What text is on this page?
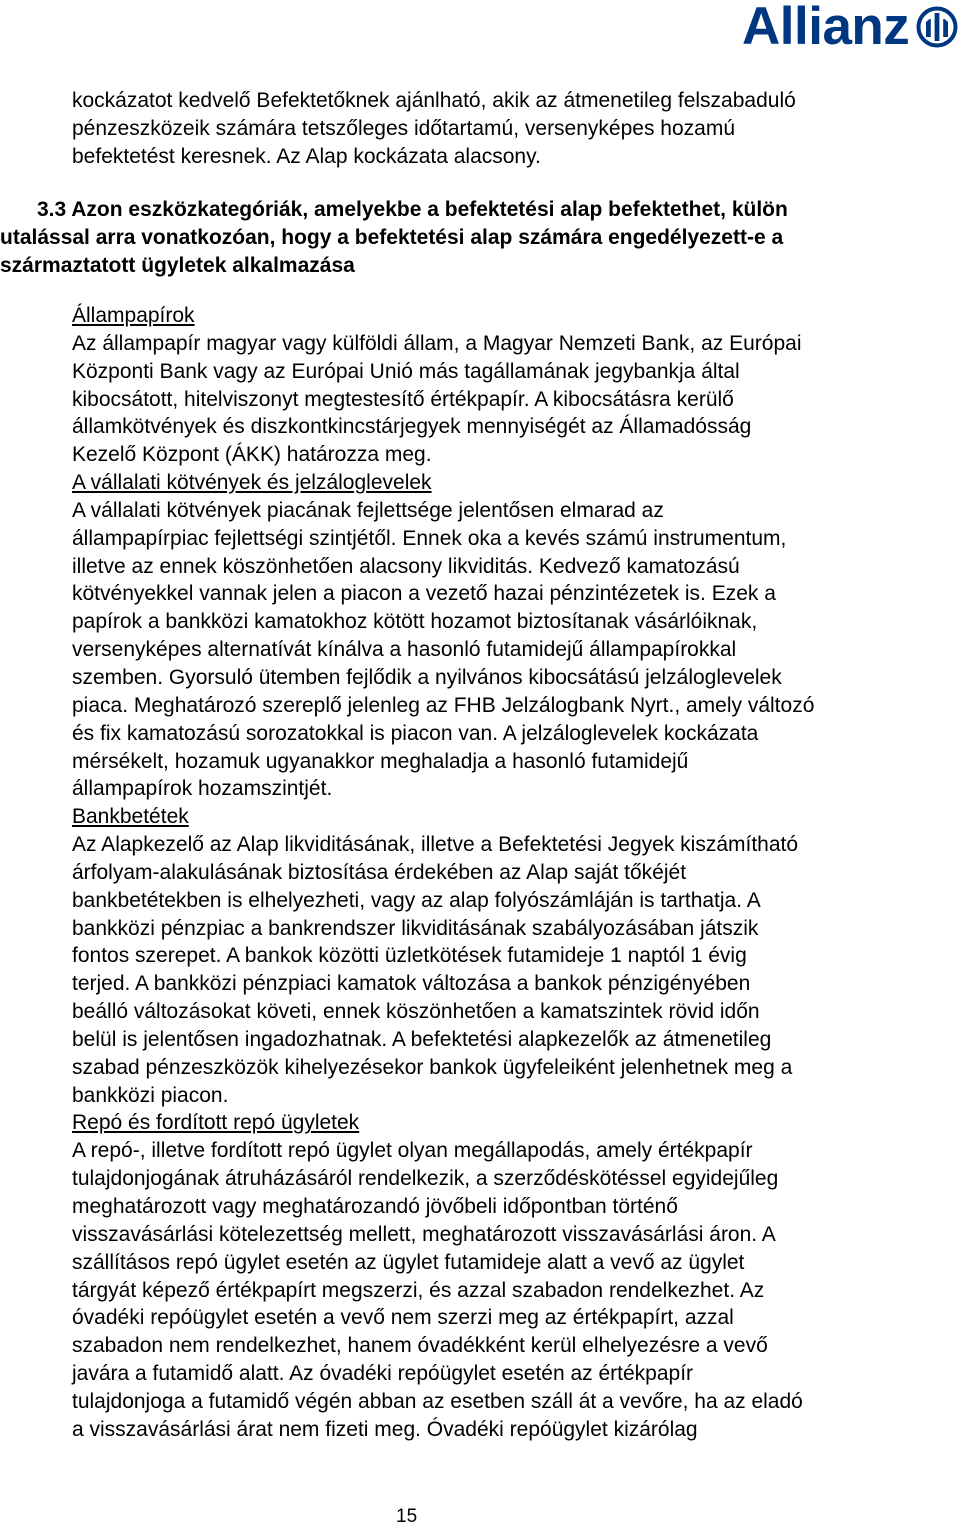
Allianz
kockázatot kedvelő Befektetőknek ajánlható, akik az átmenetileg felszabaduló
pénzeszközeik számára tetszőleges időtartamú, versenyképes hozamú
befektetést keresnek. Az Alap kockázata alacsony.
3.3 Azon eszközkategóriák, amelyekbe a befektetési alap befektethet, külön
utalással arra vonatkozóan, hogy a befektetési alap számára engedélyezett-e a
származtatott ügyletek alkalmazása
Állampapírok
Az állampapír magyar vagy külföldi állam, a Magyar Nemzeti Bank, az Európai
Központi Bank vagy az Európai Unió más tagállamának jegybankja által
kibocsátott, hitelviszonyt megtestesítő értékpapír. A kibocsátásra kerülő
államkötvények és diszkontkincstárjegyek mennyiségét az Államadósság
Kezelő Központ (ÁKK) határozza meg.
A vállalati kötvények és jelzáloglevelek
A vállalati kötvények piacának fejlettsége jelentősen elmarad az
állampapírpiac fejlettségi szintjétől. Ennek oka a kevés számú instrumentum,
illetve az ennek köszönhetően alacsony likviditás. Kedvező kamatozású
kötvényekkel vannak jelen a piacon a vezető hazai pénzintézetek is. Ezek a
papírok a bankközi kamatokhoz kötött hozamot biztosítanak vásárlóiknak,
versenyképes alternatívát kínálva a hasonló futamidejű állampapírokkal
szemben. Gyorsuló ütemben fejlődik a nyilvános kibocsátású jelzáloglevelek
piaca. Meghatározó szereplő jelenleg az FHB Jelzálogbank Nyrt., amely változó
és fix kamatozású sorozatokkal is piacon van. A jelzáloglevelek kockázata
mérsékelt, hozamuk ugyanakkor meghaladja a hasonló futamidejű
állampapírok hozamszintjét.
Bankbetétek
Az Alapkezelő az Alap likviditásának, illetve a Befektetési Jegyek kiszámítható
árfolyam-alakulásának biztosítása érdekében az Alap saját tőkéjét
bankbetétekben is elhelyezheti, vagy az alap folyószámláján is tarthatja. A
bankközi pénzpiac a bankrendszer likviditásának szabályozásában játszik
fontos szerepet. A bankok közötti üzletkötések futamideje 1 naptól 1 évig
terjed. A bankközi pénzpiaci kamatok változása a bankok pénzigényében
beálló változásokat követi, ennek köszönhetően a kamatszintek rövid időn
belül is jelentősen ingadozhatnak. A befektetési alapkezelők az átmenetileg
szabad pénzeszközök kihelyezésekor bankok ügyfeleiként jelenhetnek meg a
bankközi piacon.
Repó és fordított repó ügyletek
A repó-, illetve fordított repó ügylet olyan megállapodás, amely értékpapír
tulajdonjogának átruházásáról rendelkezik, a szerződéskötéssel egyidejűleg
meghatározott vagy meghatározandó jövőbeli időpontban történő
visszavásárlási kötelezettség mellett, meghatározott visszavásárlási áron. A
szállításos repó ügylet esetén az ügylet futamideje alatt a vevő az ügylet
tárgyát képező értékpapírt megszerzi, és azzal szabadon rendelkezhet. Az
óvadéki repóügylet esetén a vevő nem szerzi meg az értékpapírt, azzal
szabadon nem rendelkezhet, hanem óvadékként kerül elhelyezésre a vevő
javára a futamidő alatt. Az óvadéki repóügylet esetén az értékpapír
tulajdonjoga a futamidő végén abban az esetben száll át a vevőre, ha az eladó
a visszavásárlási árat nem fizeti meg. Óvadéki repóügylet kizárólag
15
